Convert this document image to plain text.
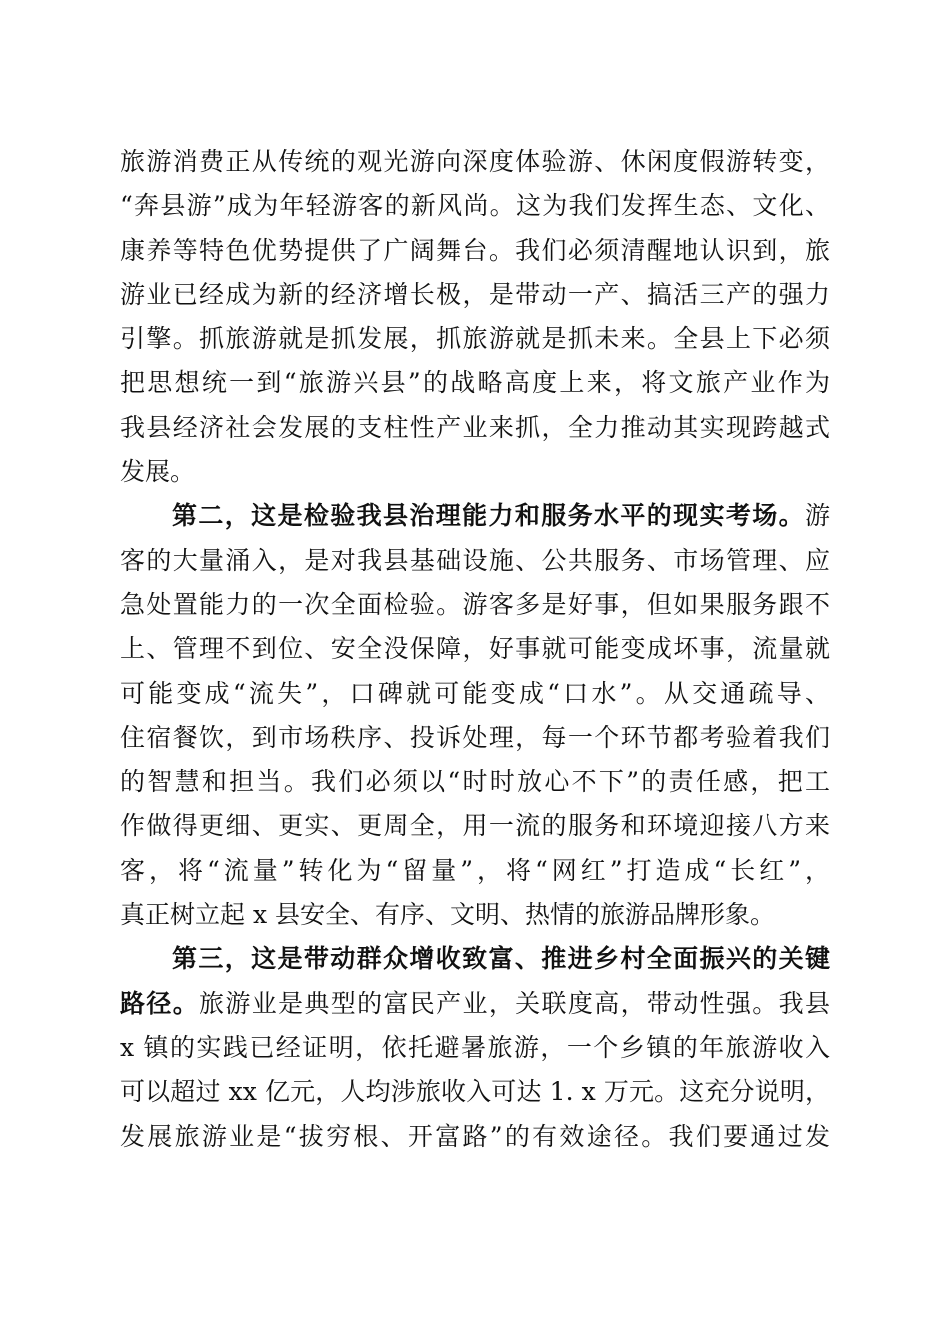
旅游消费正从传统的观光游向深度体验游、休闲度假游转变，
“奔县游”成为年轻游客的新风尚。这为我们发挥生态、文化、
康养等特色优势提供了广阔舞台。我们必须清醒地认识到，旅
游业已经成为新的经济增长极，是带动一产、搞活三产的强力
引擎。抓旅游就是抓发展，抓旅游就是抓未来。全县上下必须
把思想统一到“旅游兴县”的战略高度上来，将文旅产业作为
我县经济社会发展的支柱性产业来抓，全力推动其实现跨越式
发展。
第二，这是检验我县治理能力和服务水平的现实考场。游
客的大量涌入，是对我县基础设施、公共服务、市场管理、应
急处置能力的一次全面检验。游客多是好事，但如果服务跟不
上、管理不到位、安全没保障，好事就可能变成坏事，流量就
可能变成“流失”，口碑就可能变成“口水”。从交通疏导、
住宿餐饮，到市场秩序、投诉处理，每一个环节都考验着我们
的智慧和担当。我们必须以“时时放心不下”的责任感，把工
作做得更细、更实、更周全，用一流的服务和环境迎接八方来
客，将“流量”转化为“留量”，将“网红”打造成“长红”，
真正树立起 x 县安全、有序、文明、热情的旅游品牌形象。
第三，这是带动群众增收致富、推进乡村全面振兴的关键
路径。旅游业是典型的富民产业，关联度高，带动性强。我县
x 镇的实践已经证明，依托避暑旅游，一个乡镇的年旅游收入
可以超过 xx 亿元，人均涉旅收入可达 1. x 万元。这充分说明，
发展旅游业是“拔穷根、开富路”的有效途径。我们要通过发
